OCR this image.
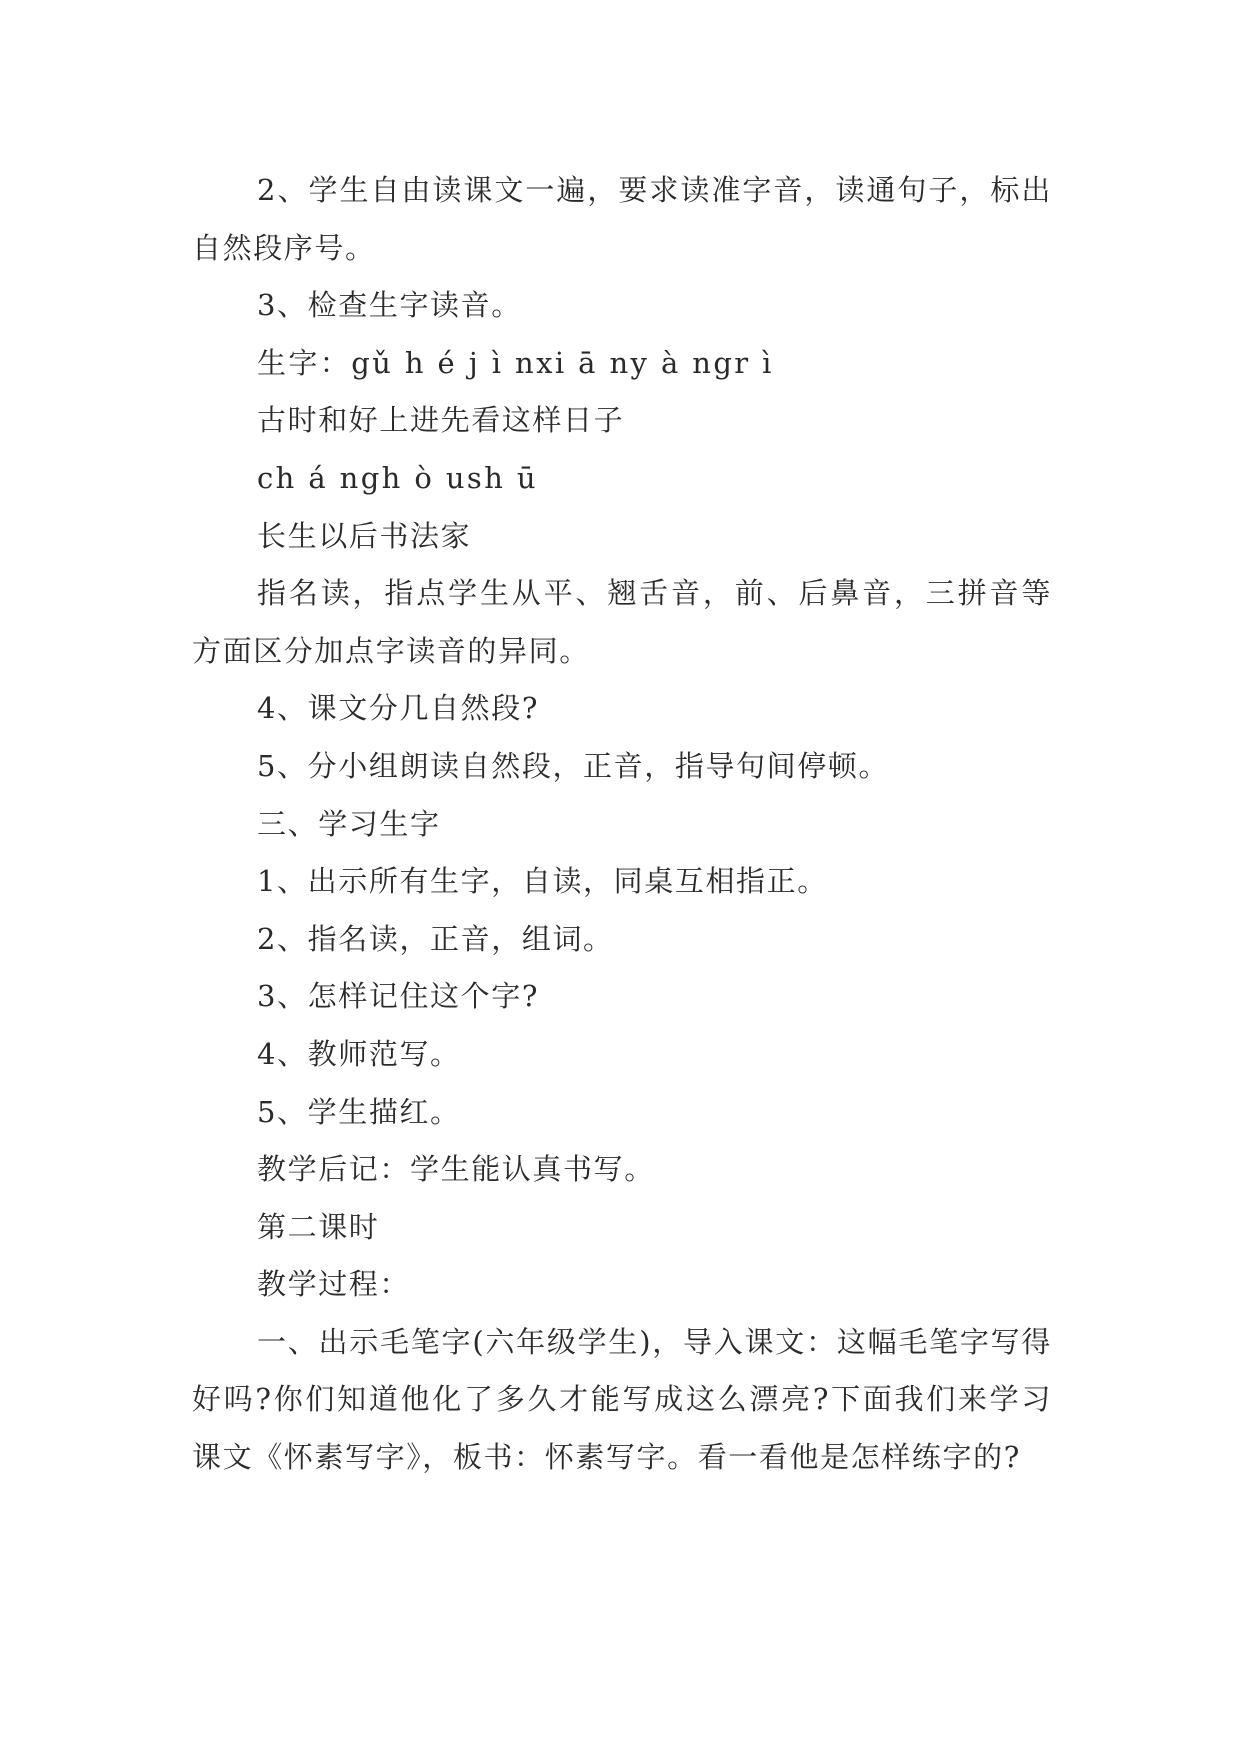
2、学生自由读课文一遍，要求读准字音，读通句子，标出自然段序号。

3、检查生字读音。

生字：gǔ h é j ì nxi ā ny à ngr ì

古时和好上进先看这样日子

ch á ngh ò ush ū

长生以后书法家

指名读，指点学生从平、翘舌音，前、后鼻音，三拼音等方面区分加点字读音的异同。

4、课文分几自然段?

5、分小组朗读自然段，正音，指导句间停顿。

三、学习生字

1、出示所有生字，自读，同桌互相指正。

2、指名读，正音，组词。

3、怎样记住这个字?

4、教师范写。

5、学生描红。

教学后记：学生能认真书写。

第二课时

教学过程：

一、出示毛笔字(六年级学生)，导入课文：这幅毛笔字写得好吗?你们知道他化了多久才能写成这么漂亮?下面我们来学习课文《怀素写字》，板书：怀素写字。看一看他是怎样练字的?
